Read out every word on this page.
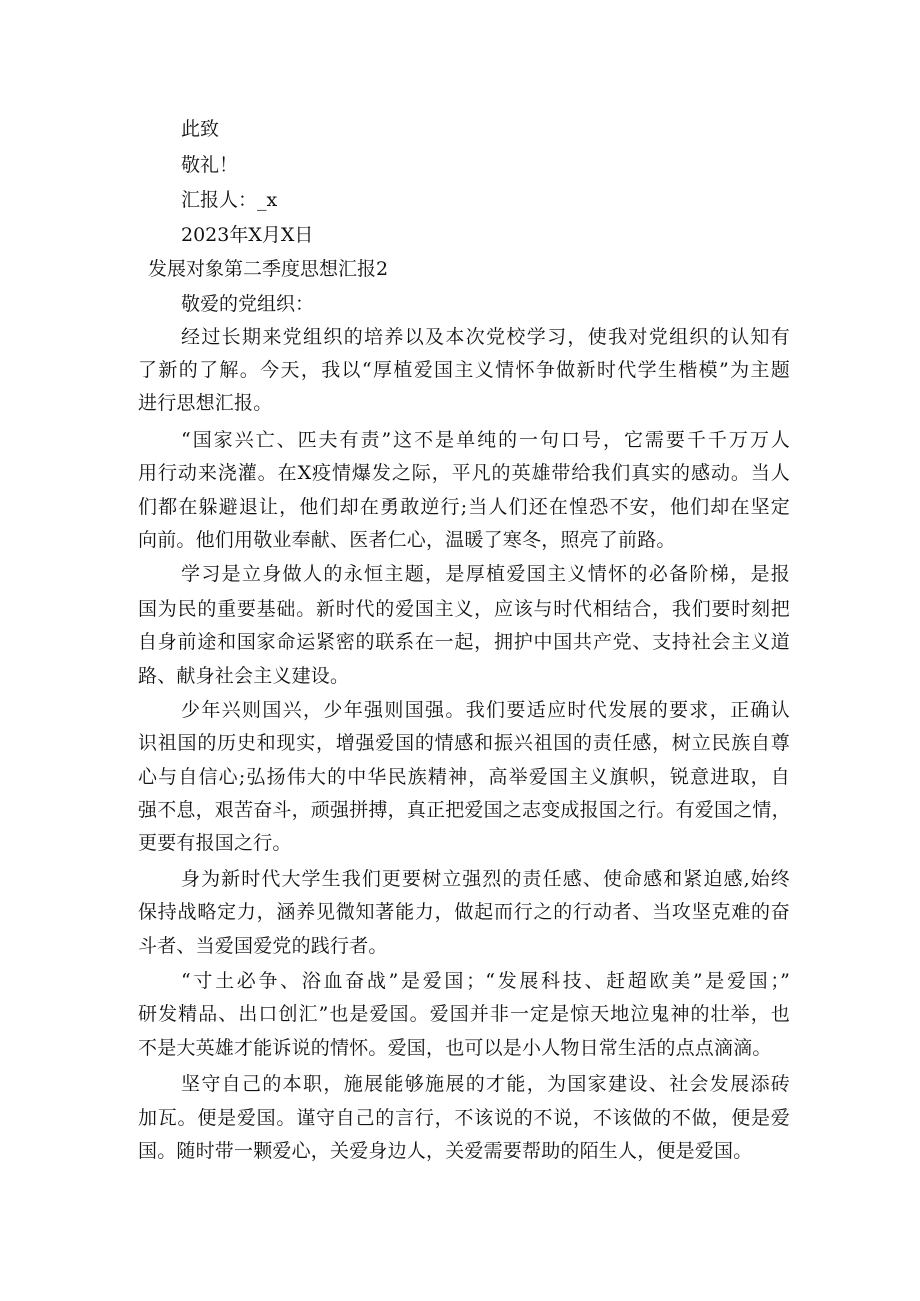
此致
敬礼！
汇报人：_x
2023年X月X日
发展对象第二季度思想汇报2
敬爱的党组织：
经过长期来党组织的培养以及本次党校学习，使我对党组织的认知有
了新的了解。今天，我以“厚植爱国主义情怀争做新时代学生楷模”为主题
进行思想汇报。
“国家兴亡、匹夫有责”这不是单纯的一句口号，它需要千千万万人
用行动来浇灌。在X疫情爆发之际，平凡的英雄带给我们真实的感动。当人
们都在躲避退让，他们却在勇敢逆行;当人们还在惶恐不安，他们却在坚定
向前。他们用敬业奉献、医者仁心，温暖了寒冬，照亮了前路。
学习是立身做人的永恒主题，是厚植爱国主义情怀的必备阶梯，是报
国为民的重要基础。新时代的爱国主义，应该与时代相结合，我们要时刻把
自身前途和国家命运紧密的联系在一起，拥护中国共产党、支持社会主义道
路、献身社会主义建设。
少年兴则国兴，少年强则国强。我们要适应时代发展的要求，正确认
识祖国的历史和现实，增强爱国的情感和振兴祖国的责任感，树立民族自尊
心与自信心;弘扬伟大的中华民族精神，高举爱国主义旗帜，锐意进取，自
强不息，艰苦奋斗，顽强拼搏，真正把爱国之志变成报国之行。有爱国之情，
更要有报国之行。
身为新时代大学生我们更要树立强烈的责任感、使命感和紧迫感,始终
保持战略定力，涵养见微知著能力，做起而行之的行动者、当攻坚克难的奋
斗者、当爱国爱党的践行者。
“寸土必争、浴血奋战”是爱国；“发展科技、赶超欧美”是爱国；”
研发精品、出口创汇”也是爱国。爱国并非一定是惊天地泣鬼神的壮举，也
不是大英雄才能诉说的情怀。爱国，也可以是小人物日常生活的点点滴滴。
坚守自己的本职，施展能够施展的才能，为国家建设、社会发展添砖
加瓦。便是爱国。谨守自己的言行，不该说的不说，不该做的不做，便是爱
国。随时带一颗爱心，关爱身边人，关爱需要帮助的陌生人，便是爱国。
